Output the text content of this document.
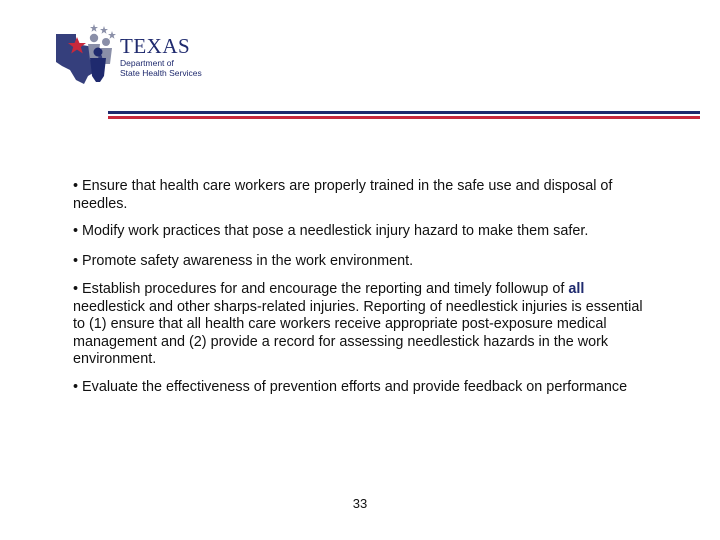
TEXAS
Department of
State Health Services

• Ensure that health care workers are properly trained in the safe use and disposal of needles.

• Modify work practices that pose a needlestick injury hazard to make them safer.

• Promote safety awareness in the work environment.

• Establish procedures for and encourage the reporting and timely followup of all needlestick and other sharps-related injuries. Reporting of needlestick injuries is essential to (1) ensure that all health care workers receive appropriate post-exposure medical management and (2) provide a record for assessing needlestick hazards in the work environment.

• Evaluate the effectiveness of prevention efforts and provide feedback on performance

33
